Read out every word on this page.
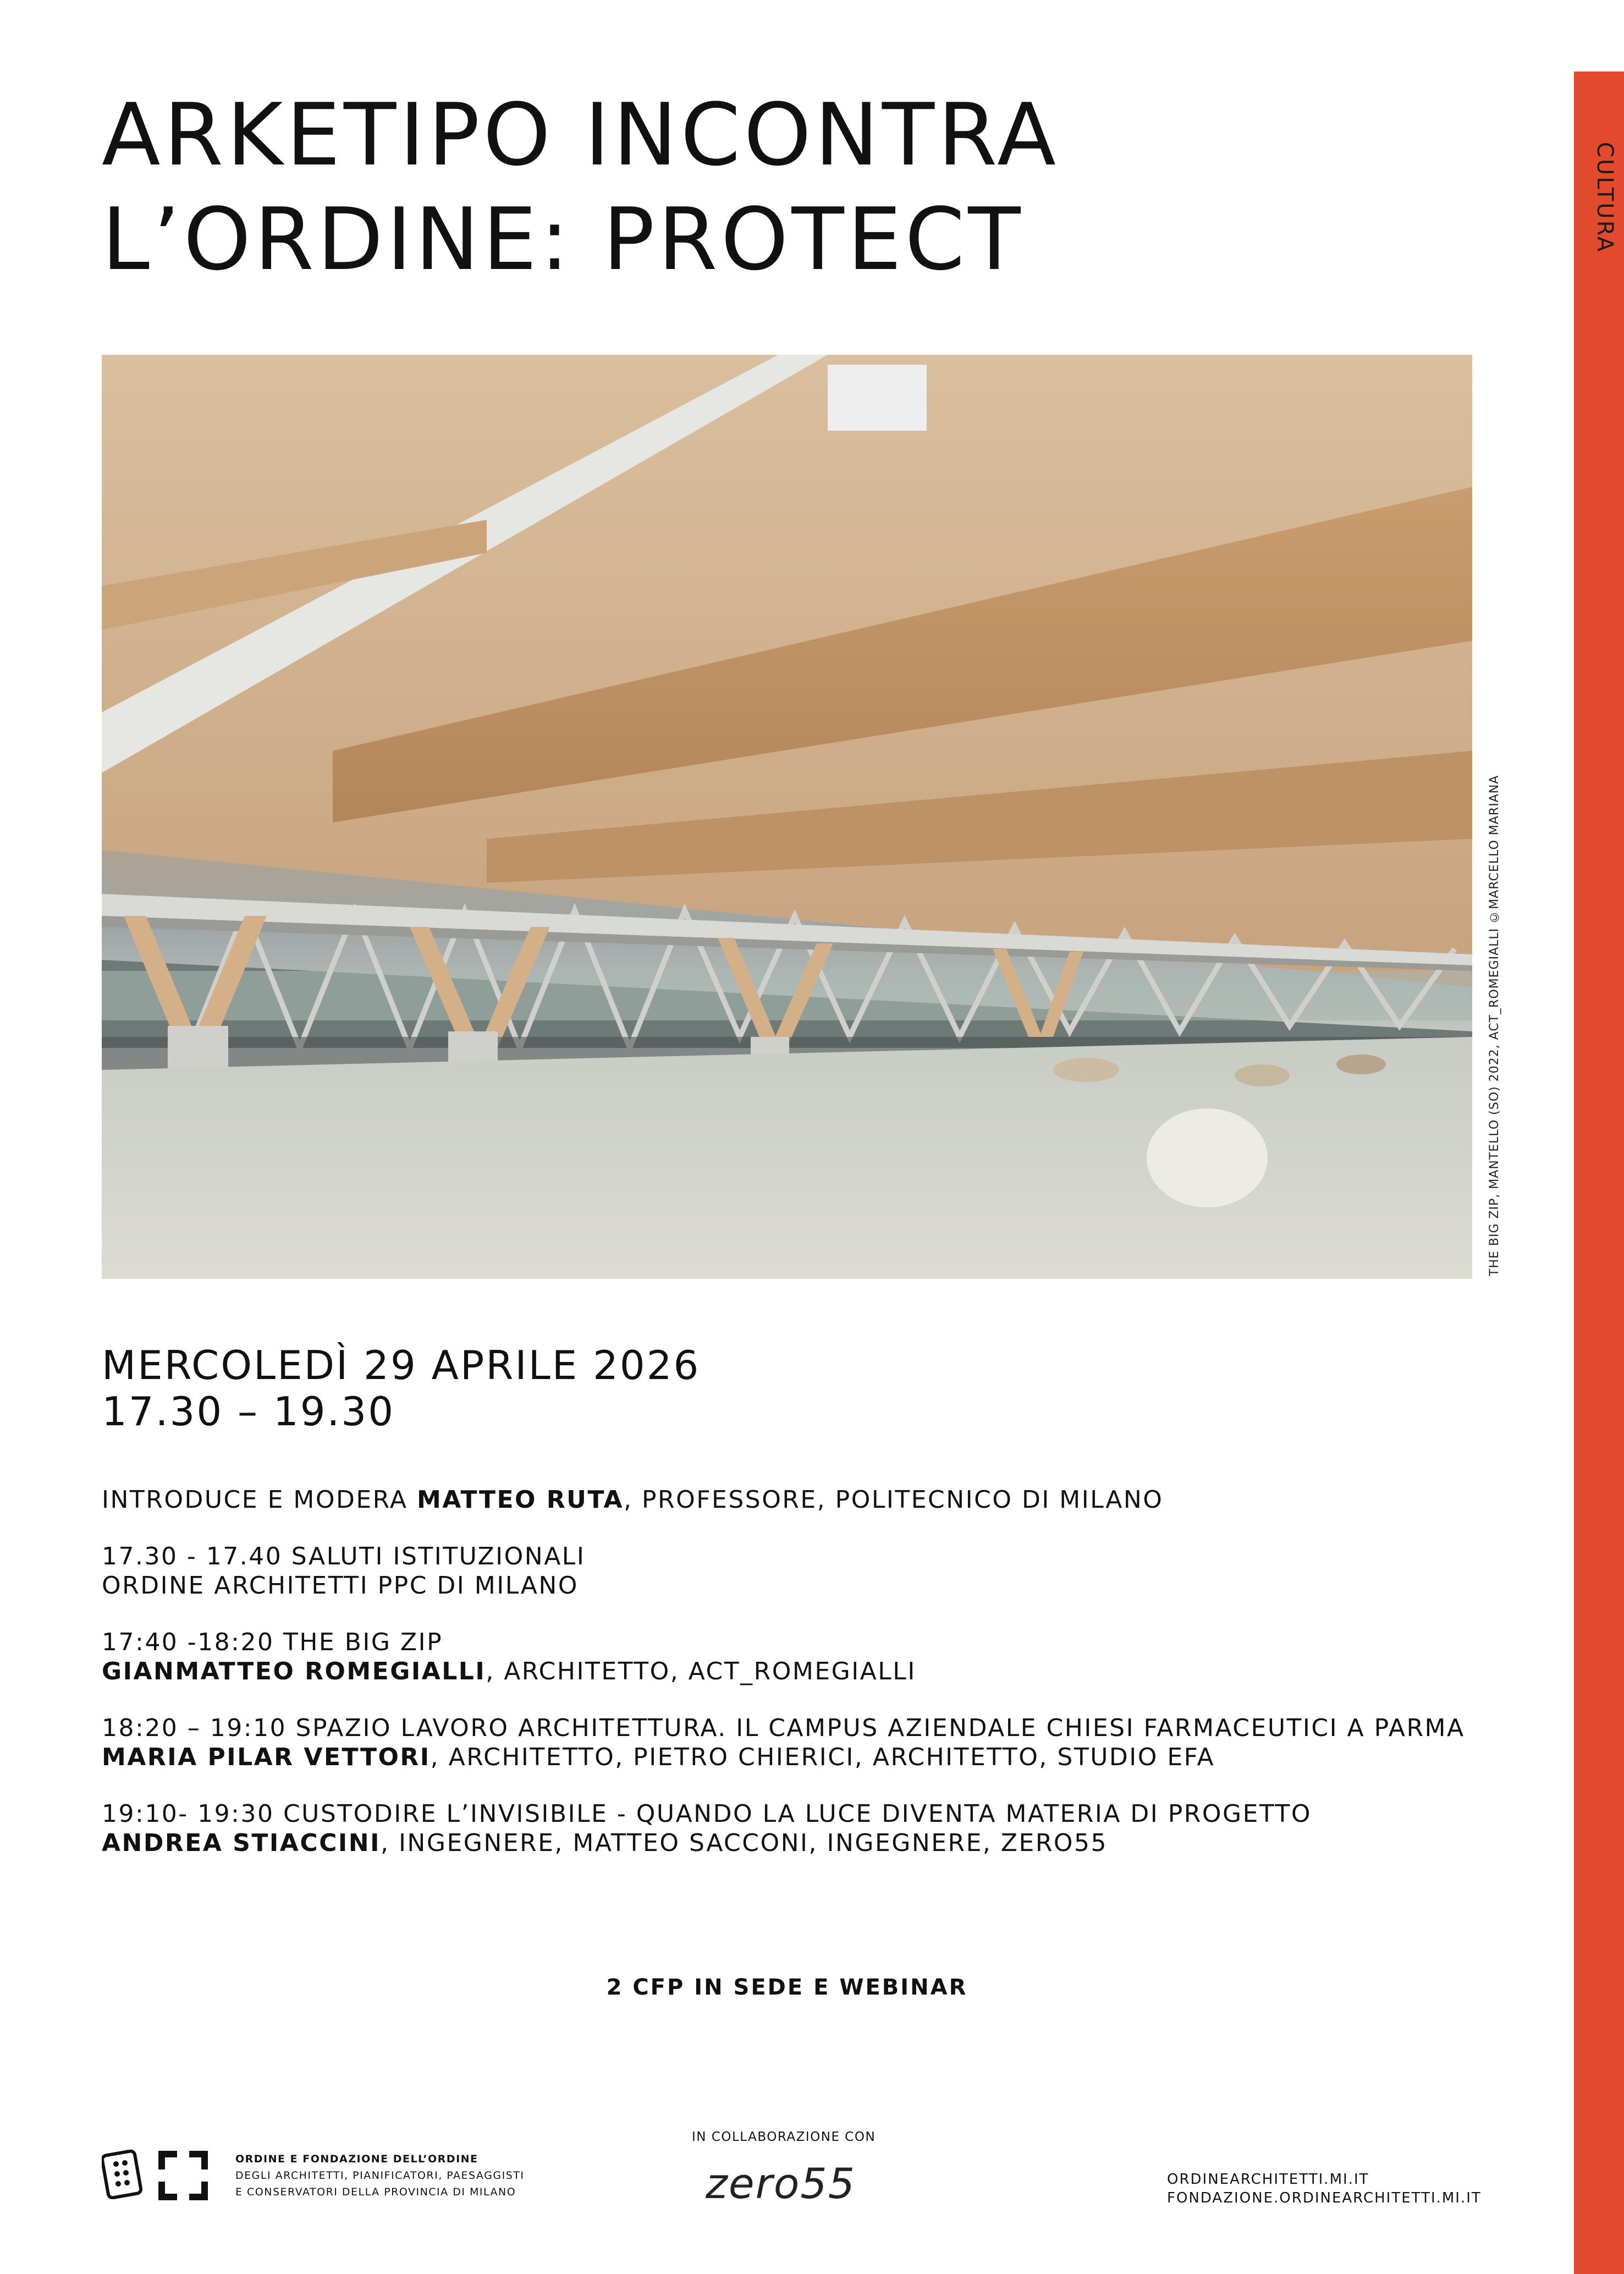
CULTURA
ARKETIPO INCONTRA
L’ORDINE: PROTECT
THE BIG ZIP, MANTELLO (SO) 2022, ACT_ROMEGIALLI ©MARCELLO MARIANA
MERCOLEDÌ 29 APRILE 2026
17.30 – 19.30
INTRODUCE E MODERA MATTEO RUTA, PROFESSORE, POLITECNICO DI MILANO
17.30 - 17.40 SALUTI ISTITUZIONALI
ORDINE ARCHITETTI PPC DI MILANO
17:40 -18:20 THE BIG ZIP
GIANMATTEO ROMEGIALLI, ARCHITETTO, ACT_ROMEGIALLI
18:20 – 19:10 SPAZIO LAVORO ARCHITETTURA. IL CAMPUS AZIENDALE CHIESI FARMACEUTICI A PARMA
MARIA PILAR VETTORI, ARCHITETTO, PIETRO CHIERICI, ARCHITETTO, STUDIO EFA
19:10- 19:30 CUSTODIRE L’INVISIBILE - QUANDO LA LUCE DIVENTA MATERIA DI PROGETTO
ANDREA STIACCINI, INGEGNERE, MATTEO SACCONI, INGEGNERE, ZERO55
2 CFP IN SEDE E WEBINAR
ORDINE E FONDAZIONE DELL’ORDINE
DEGLI ARCHITETTI, PIANIFICATORI, PAESAGGISTI
E CONSERVATORI DELLA PROVINCIA DI MILANO
IN COLLABORAZIONE CON
zero55	ORDINEARCHITETTI.MI.IT
FONDAZIONE.ORDINEARCHITETTI.MI.IT
